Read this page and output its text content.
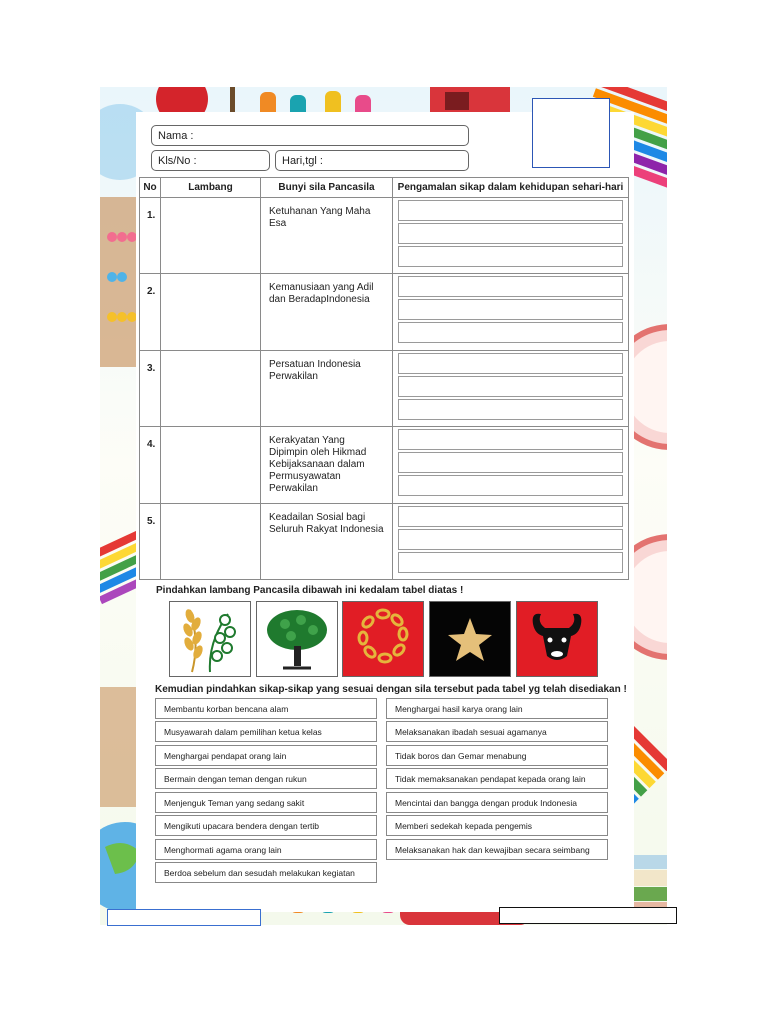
Nama :
Kls/No :	Hari,tgl :
No	Lambang	Bunyi sila Pancasila	Pengamalan sikap dalam kehidupan sehari-hari
1.		Ketuhanan Yang Maha Esa	

2.		Kemanusiaan yang Adil dan BeradapIndonesia	

3.		Persatuan Indonesia Perwakilan	

4.		Kerakyatan Yang Dipimpin oleh Hikmad Kebijaksanaan dalam Permusyawatan Perwakilan	

5.		Keadailan Sosial bagi Seluruh Rakyat Indonesia	
Pindahkan lambang Pancasila dibawah ini kedalam tabel diatas !
Kemudian pindahkan sikap-sikap yang sesuai dengan sila tersebut pada tabel yg telah disediakan !
Membantu korban bencana alam
Musyawarah dalam pemilihan ketua kelas
Menghargai pendapat orang lain
Bermain dengan teman dengan rukun
Menjenguk Teman yang sedang sakit
Mengikuti upacara bendera dengan tertib
Menghormati agama orang lain
Berdoa sebelum dan sesudah melakukan kegiatan
Menghargai hasil karya orang lain
Melaksanakan ibadah sesuai agamanya
Tidak boros dan Gemar menabung
Tidak memaksanakan pendapat kepada orang lain
Mencintai dan bangga dengan produk Indonesia
Memberi sedekah kepada pengemis
Melaksanakan hak dan kewajiban secara seimbang
